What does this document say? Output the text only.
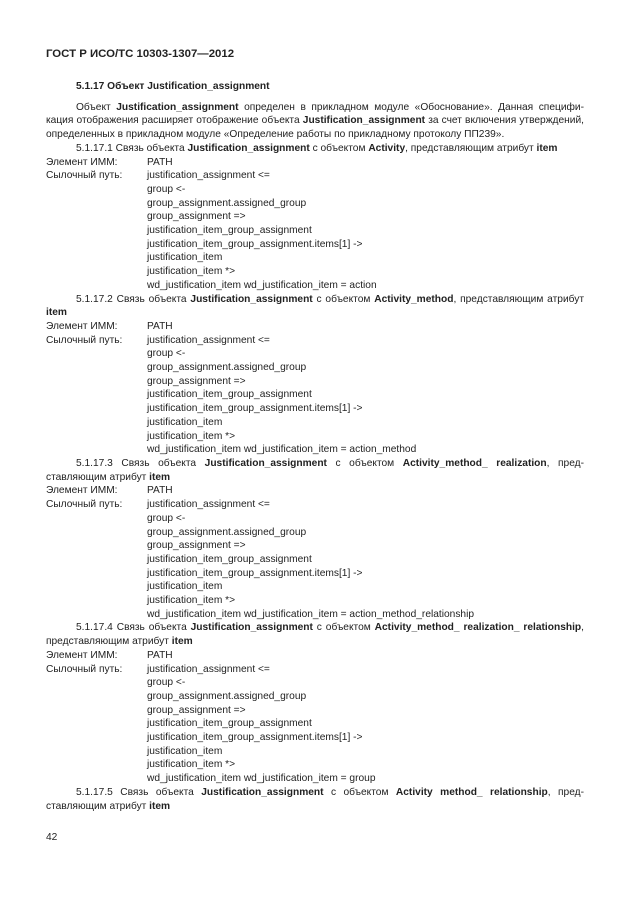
ГОСТ Р ИСО/ТС 10303-1307—2012

5.1.17 Объект Justification_assignment

Объект Justification_assignment определен в прикладном модуле «Обоснование». Данная спецификация отображения расширяет отображение объекта Justification_assignment за счет включения утверждений, определенных в прикладном модуле «Определение работы по прикладному протоколу ПП239».

5.1.17.1 Связь объекта Justification_assignment с объектом Activity, представляющим атрибут item

Элемент ИММ:	PATH
Сылочный путь:	justification_assignment <=
group <-
group_assignment.assigned_group
group_assignment =>
justification_item_group_assignment
justification_item_group_assignment.items[1] ->
justification_item
justification_item *>
wd_justification_item wd_justification_item = action

5.1.17.2 Связь объекта Justification_assignment с объектом Activity_method, представляющим атрибут item

Элемент ИММ:	PATH
Сылочный путь:	justification_assignment <=
group <-
group_assignment.assigned_group
group_assignment =>
justification_item_group_assignment
justification_item_group_assignment.items[1] ->
justification_item
justification_item *>
wd_justification_item wd_justification_item = action_method

5.1.17.3 Связь объекта Justification_assignment с объектом Activity_method_ realization, представляющим атрибут item

Элемент ИММ:	PATH
Сылочный путь:	justification_assignment <=
group <-
group_assignment.assigned_group
group_assignment =>
justification_item_group_assignment
justification_item_group_assignment.items[1] ->
justification_item
justification_item *>
wd_justification_item wd_justification_item = action_method_relationship

5.1.17.4 Связь объекта Justification_assignment с объектом Activity_method_ realization_ relationship, представляющим атрибут item

Элемент ИММ:	PATH
Сылочный путь:	justification_assignment <=
group <-
group_assignment.assigned_group
group_assignment =>
justification_item_group_assignment
justification_item_group_assignment.items[1] ->
justification_item
justification_item *>
wd_justification_item wd_justification_item = group

5.1.17.5 Связь объекта Justification_assignment с объектом Activity method_ relationship, представляющим атрибут item

42
